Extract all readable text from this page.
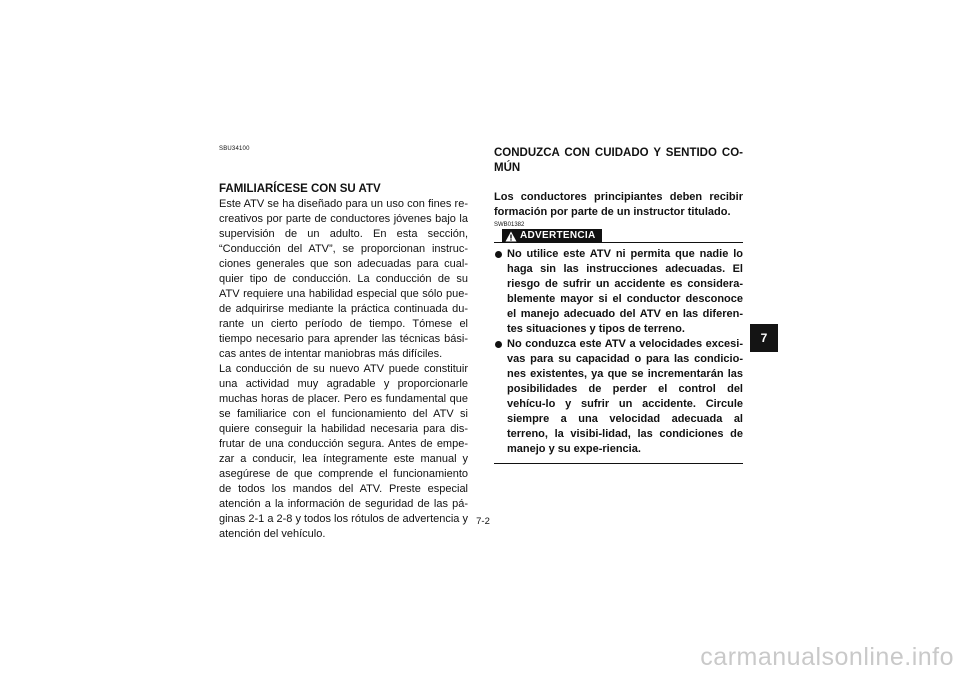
SBU34100
FAMILIARÍCESE CON SU ATV

Este ATV se ha diseñado para un uso con fines re-creativos por parte de conductores jóvenes bajo la supervisión de un adulto. En esta sección, “Conducción del ATV”, se proporcionan instruc-ciones generales que son adecuadas para cual-quier tipo de conducción. La conducción de su ATV requiere una habilidad especial que sólo pue-de adquirirse mediante la práctica continuada du-rante un cierto período de tiempo. Tómese el tiempo necesario para aprender las técnicas bási-cas antes de intentar maniobras más difíciles.

La conducción de su nuevo ATV puede constituir una actividad muy agradable y proporcionarle muchas horas de placer. Pero es fundamental que se familiarice con el funcionamiento del ATV si quiere conseguir la habilidad necesaria para dis-frutar de una conducción segura. Antes de empe-zar a conducir, lea íntegramente este manual y asegúrese de que comprende el funcionamiento de todos los mandos del ATV. Preste especial atención a la información de seguridad de las pá-ginas 2-1 a 2-8 y todos los rótulos de advertencia y atención del vehículo.

CONDUZCA CON CUIDADO Y SENTIDO CO-MÚN
Los conductores principiantes deben recibir formación por parte de un instructor titulado.
SWB01382
ADVERTENCIA
No utilice este ATV ni permita que nadie lo haga sin las instrucciones adecuadas. El riesgo de sufrir un accidente es considera-blemente mayor si el conductor desconoce el manejo adecuado del ATV en las diferen-tes situaciones y tipos de terreno.
No conduzca este ATV a velocidades excesi-vas para su capacidad o para las condicio-nes existentes, ya que se incrementarán las posibilidades de perder el control del vehícu-lo y sufrir un accidente. Circule siempre a una velocidad adecuada al terreno, la visibi-lidad, las condiciones de manejo y su expe-riencia.
7-2
7
carmanualsonline.info
